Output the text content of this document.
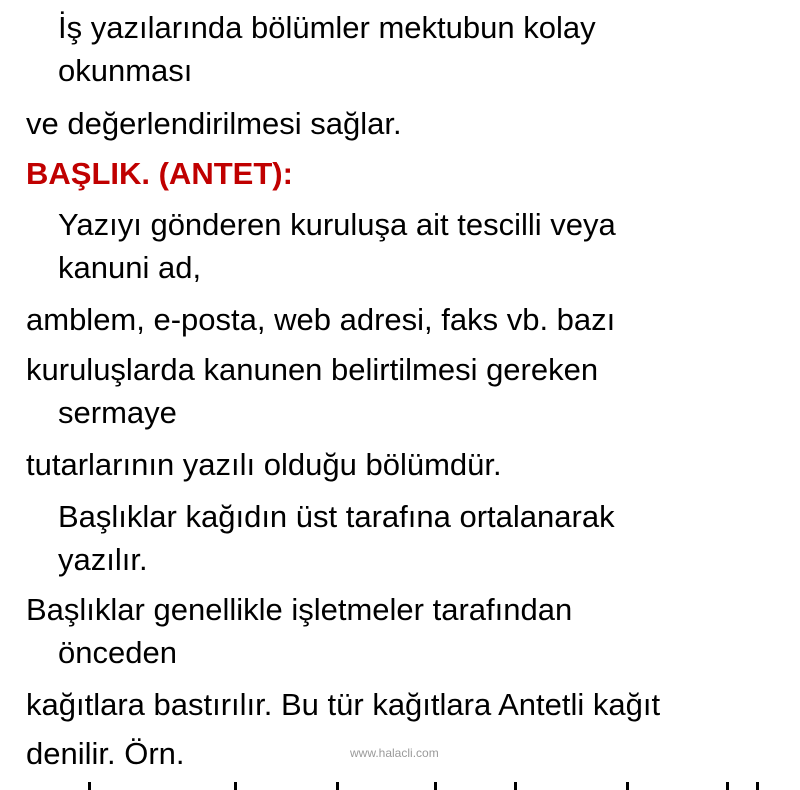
İş yazılarında bölümler mektubun kolay
okunması
ve değerlendirilmesi sağlar.
BAŞLIK. (ANTET):
Yazıyı gönderen kuruluşa ait tescilli veya
kanuni ad,
amblem, e-posta, web adresi, faks vb. bazı
kuruluşlarda kanunen belirtilmesi gereken
sermaye
tutarlarının yazılı olduğu bölümdür.
Başlıklar kağıdın üst tarafına ortalanarak
yazılır.
Başlıklar genellikle işletmeler tarafından
önceden
kağıtlara bastırılır. Bu tür kağıtlara Antetli kağıt
denilir. Örn.	www.halacli.com
